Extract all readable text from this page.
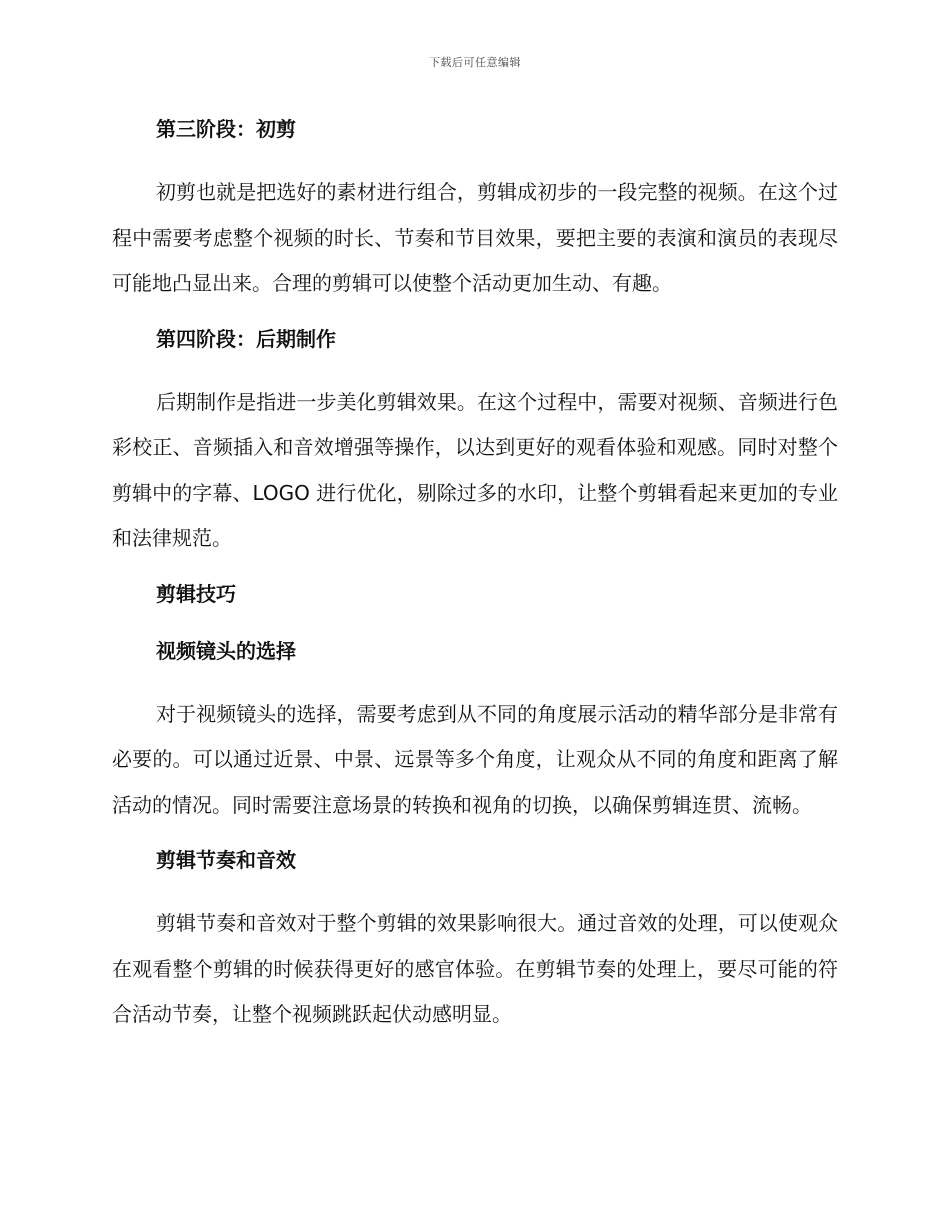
下载后可任意编辑
第三阶段：初剪

初剪也就是把选好的素材进行组合，剪辑成初步的一段完整的视频。在这个过程中需要考虑整个视频的时长、节奏和节目效果，要把主要的表演和演员的表现尽可能地凸显出来。合理的剪辑可以使整个活动更加生动、有趣。

第四阶段：后期制作

后期制作是指进一步美化剪辑效果。在这个过程中，需要对视频、音频进行色彩校正、音频插入和音效增强等操作，以达到更好的观看体验和观感。同时对整个剪辑中的字幕、LOGO 进行优化，剔除过多的水印，让整个剪辑看起来更加的专业和法律规范。

剪辑技巧
视频镜头的选择

对于视频镜头的选择，需要考虑到从不同的角度展示活动的精华部分是非常有必要的。可以通过近景、中景、远景等多个角度，让观众从不同的角度和距离了解活动的情况。同时需要注意场景的转换和视角的切换，以确保剪辑连贯、流畅。

剪辑节奏和音效

剪辑节奏和音效对于整个剪辑的效果影响很大。通过音效的处理，可以使观众在观看整个剪辑的时候获得更好的感官体验。在剪辑节奏的处理上，要尽可能的符合活动节奏，让整个视频跳跃起伏动感明显。
